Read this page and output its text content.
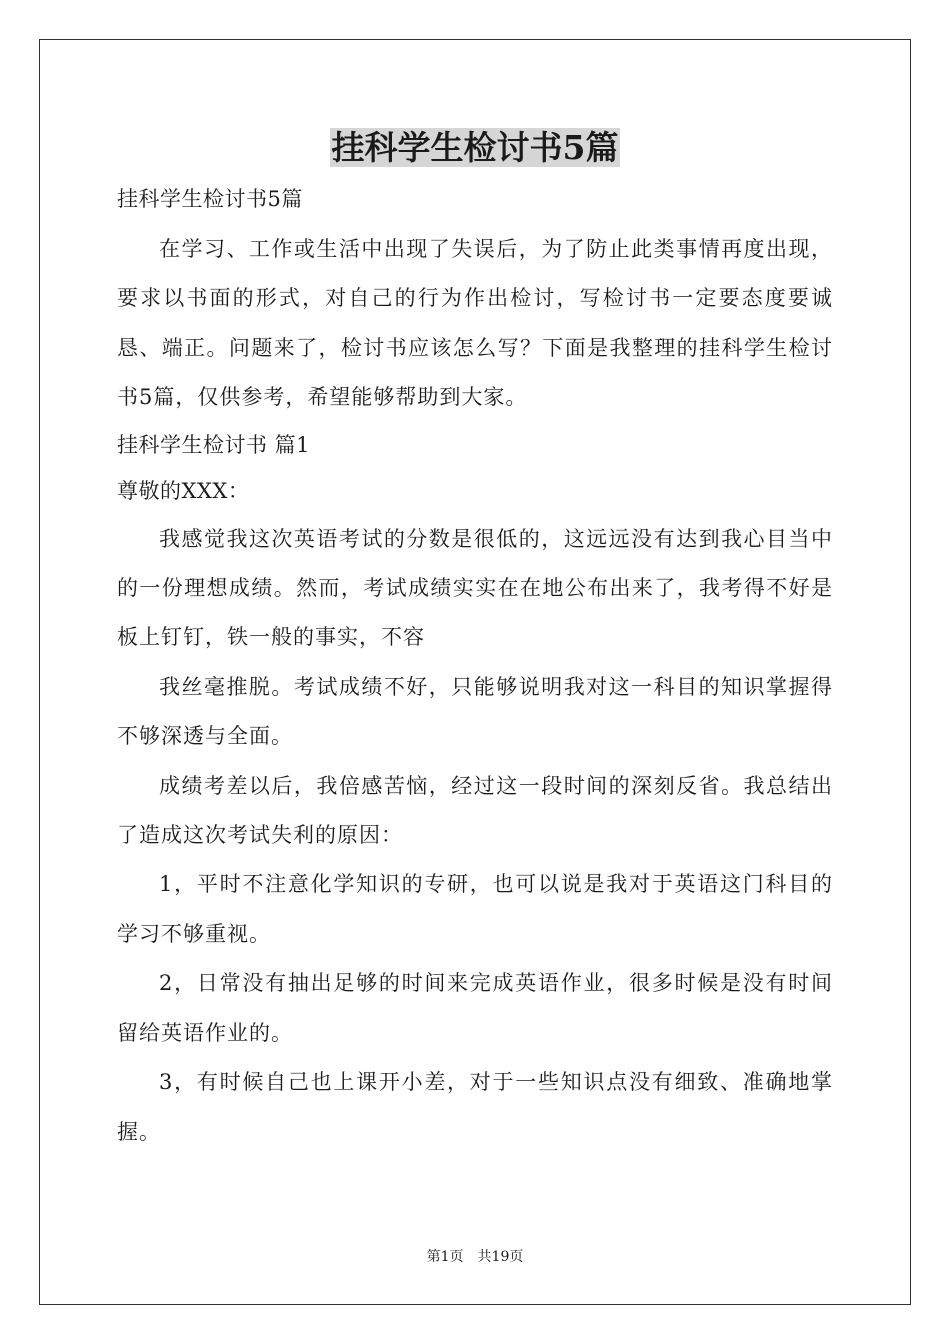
挂科学生检讨书5篇

挂科学生检讨书5篇

在学习、工作或生活中出现了失误后，为了防止此类事情再度出现，要求以书面的形式，对自己的行为作出检讨，写检讨书一定要态度要诚恳、端正。问题来了，检讨书应该怎么写？下面是我整理的挂科学生检讨书5篇，仅供参考，希望能够帮助到大家。

挂科学生检讨书 篇1

尊敬的XXX：

我感觉我这次英语考试的分数是很低的，这远远没有达到我心目当中的一份理想成绩。然而，考试成绩实实在在地公布出来了，我考得不好是板上钉钉，铁一般的事实，不容

我丝毫推脱。考试成绩不好，只能够说明我对这一科目的知识掌握得不够深透与全面。

成绩考差以后，我倍感苦恼，经过这一段时间的深刻反省。我总结出了造成这次考试失利的原因：

1，平时不注意化学知识的专研，也可以说是我对于英语这门科目的学习不够重视。

2，日常没有抽出足够的时间来完成英语作业，很多时候是没有时间留给英语作业的。

3，有时候自己也上课开小差，对于一些知识点没有细致、准确地掌握。

第1页 共19页
